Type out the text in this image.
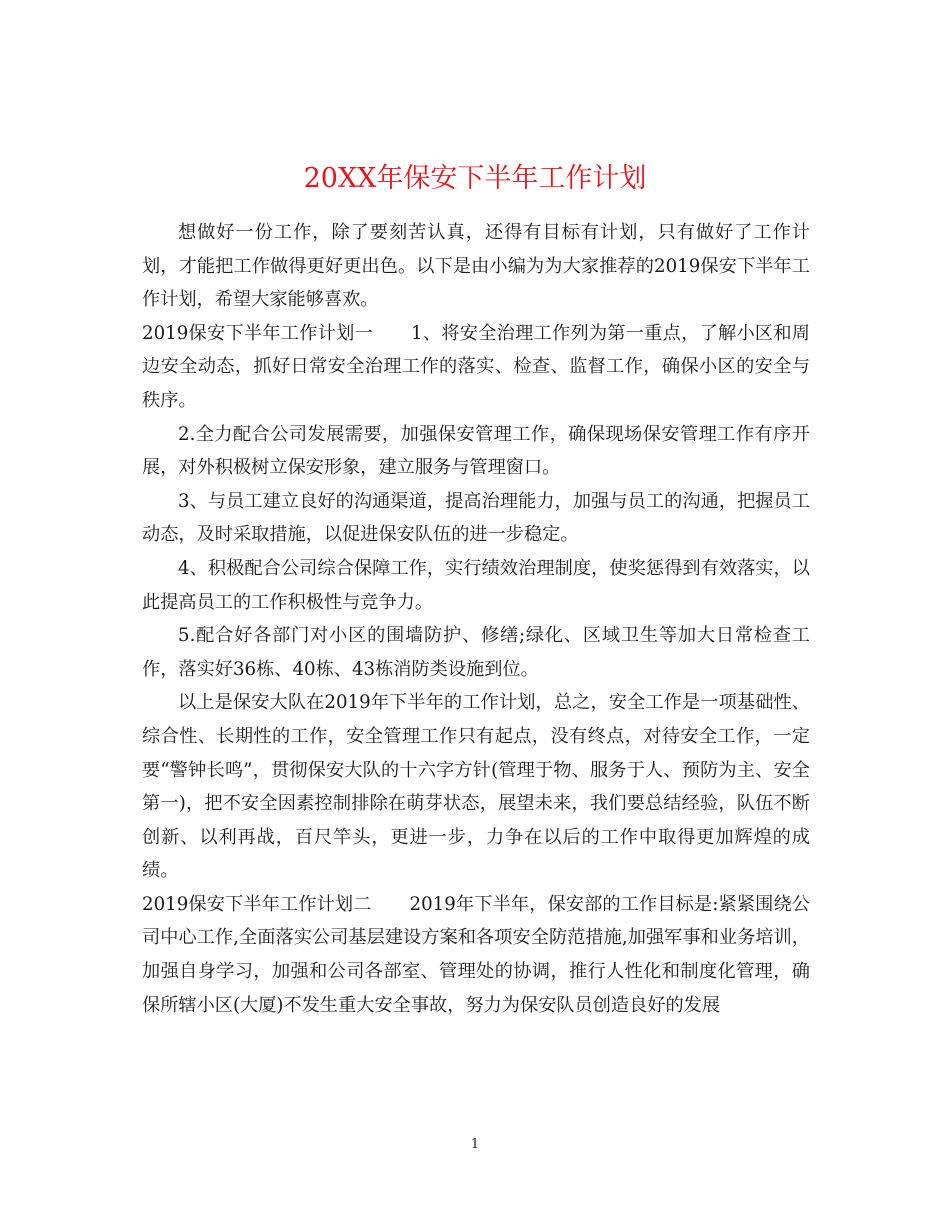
20XX年保安下半年工作计划

想做好一份工作，除了要刻苦认真，还得有目标有计划，只有做好了工作计划，才能把工作做得更好更出色。以下是由小编为为大家推荐的2019保安下半年工作计划，希望大家能够喜欢。

2019保安下半年工作计划一 1、将安全治理工作列为第一重点，了解小区和周边安全动态，抓好日常安全治理工作的落实、检查、监督工作，确保小区的安全与秩序。

2.全力配合公司发展需要，加强保安管理工作，确保现场保安管理工作有序开展，对外积极树立保安形象，建立服务与管理窗口。

3、与员工建立良好的沟通渠道，提高治理能力，加强与员工的沟通，把握员工动态，及时采取措施，以促进保安队伍的进一步稳定。

4、积极配合公司综合保障工作，实行绩效治理制度，使奖惩得到有效落实，以此提高员工的工作积极性与竞争力。

5.配合好各部门对小区的围墙防护、修缮;绿化、区域卫生等加大日常检查工作，落实好36栋、40栋、43栋消防类设施到位。

以上是保安大队在2019年下半年的工作计划，总之，安全工作是一项基础性、综合性、长期性的工作，安全管理工作只有起点，没有终点，对待安全工作，一定要“警钟长鸣”，贯彻保安大队的十六字方针(管理于物、服务于人、预防为主、安全第一)，把不安全因素控制排除在萌芽状态，展望未来，我们要总结经验，队伍不断创新、以利再战，百尺竿头，更进一步，力争在以后的工作中取得更加辉煌的成绩。

2019保安下半年工作计划二 2019年下半年，保安部的工作目标是:紧紧围绕公司中心工作,全面落实公司基层建设方案和各项安全防范措施,加强军事和业务培训，加强自身学习，加强和公司各部室、管理处的协调，推行人性化和制度化管理，确保所辖小区(大厦)不发生重大安全事故，努力为保安队员创造良好的发展

1
